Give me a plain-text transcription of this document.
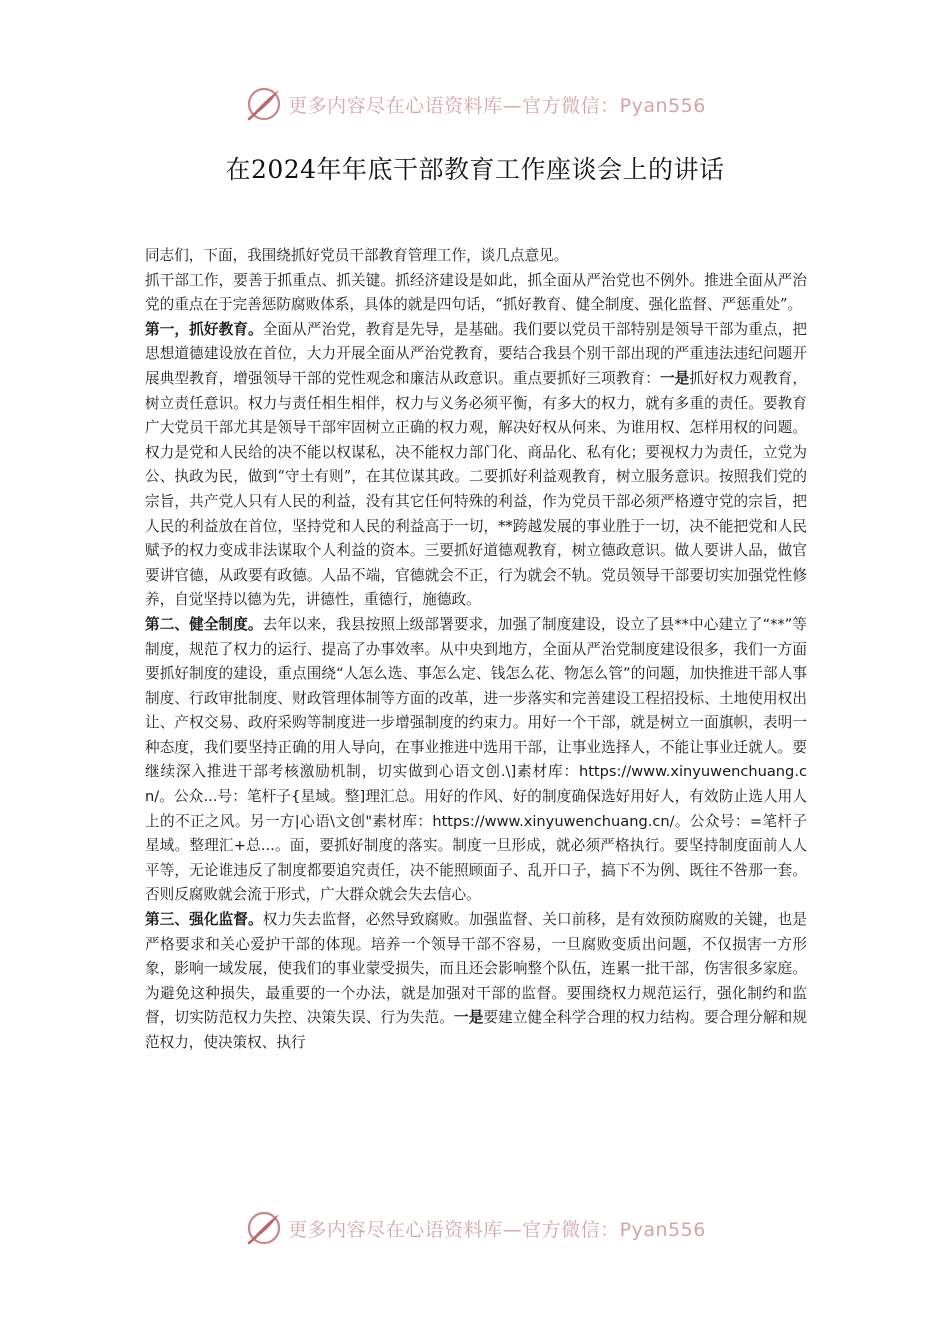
更多内容尽在心语资料库—官方微信：Pyan556
在2024年年底干部教育工作座谈会上的讲话

同志们，下面，我围绕抓好党员干部教育管理工作，谈几点意见。

抓干部工作，要善于抓重点、抓关键。抓经济建设是如此，抓全面从严治党也不例外。推进全面从严治党的重点在于完善惩防腐败体系，具体的就是四句话，“抓好教育、健全制度、强化监督、严惩重处”。

第一，抓好教育。全面从严治党，教育是先导，是基础。我们要以党员干部特别是领导干部为重点，把思想道德建设放在首位，大力开展全面从严治党教育，要结合我县个别干部出现的严重违法违纪问题开展典型教育，增强领导干部的党性观念和廉洁从政意识。重点要抓好三项教育：一是抓好权力观教育，树立责任意识。权力与责任相生相伴，权力与义务必须平衡，有多大的权力，就有多重的责任。要教育广大党员干部尤其是领导干部牢固树立正确的权力观，解决好权从何来、为谁用权、怎样用权的问题。权力是党和人民给的决不能以权谋私，决不能权力部门化、商品化、私有化；要视权力为责任，立党为公、执政为民，做到“守土有则”，在其位谋其政。二要抓好利益观教育，树立服务意识。按照我们党的宗旨，共产党人只有人民的利益，没有其它任何特殊的利益，作为党员干部必须严格遵守党的宗旨，把人民的利益放在首位，坚持党和人民的利益高于一切，**跨越发展的事业胜于一切，决不能把党和人民赋予的权力变成非法谋取个人利益的资本。三要抓好道德观教育，树立德政意识。做人要讲人品，做官要讲官德，从政要有政德。人品不端，官德就会不正，行为就会不轨。党员领导干部要切实加强党性修养，自觉坚持以德为先，讲德性，重德行，施德政。

第二、健全制度。去年以来，我县按照上级部署要求，加强了制度建设，设立了县**中心建立了“**”等制度，规范了权力的运行、提高了办事效率。从中央到地方，全面从严治党制度建设很多，我们一方面要抓好制度的建设，重点围绕“人怎么选、事怎么定、钱怎么花、物怎么管”的问题，加快推进干部人事制度、行政审批制度、财政管理体制等方面的改革，进一步落实和完善建设工程招投标、土地使用权出让、产权交易、政府采购等制度进一步增强制度的约束力。用好一个干部，就是树立一面旗帜，表明一种态度，我们要坚持正确的用人导向，在事业推进中选用干部，让事业选择人，不能让事业迁就人。要继续深入推进干部考核激励机制，切实做到心语文创.\]素材库：https://www.xinyuwenchuang.cn/。公众...号：笔杆子{星域。整]理汇总。用好的作风、好的制度确保选好用好人，有效防止选人用人上的不正之风。另一方|心语\文创"素材库：https://www.xinyuwenchuang.cn/。公众号：=笔杆子星域。整理汇+总...。面，要抓好制度的落实。制度一旦形成，就必须严格执行。要坚持制度面前人人平等，无论谁违反了制度都要追究责任，决不能照顾面子、乱开口子，搞下不为例、既往不咎那一套。否则反腐败就会流于形式，广大群众就会失去信心。

第三、强化监督。权力失去监督，必然导致腐败。加强监督、关口前移，是有效预防腐败的关键，也是严格要求和关心爱护干部的体现。培养一个领导干部不容易，一旦腐败变质出问题，不仅损害一方形象，影响一域发展，使我们的事业蒙受损失，而且还会影响整个队伍，连累一批干部，伤害很多家庭。为避免这种损失，最重要的一个办法，就是加强对干部的监督。要围绕权力规范运行，强化制约和监督，切实防范权力失控、决策失误、行为失范。一是要建立健全科学合理的权力结构。要合理分解和规范权力，使决策权、执行

更多内容尽在心语资料库—官方微信：Pyan556
